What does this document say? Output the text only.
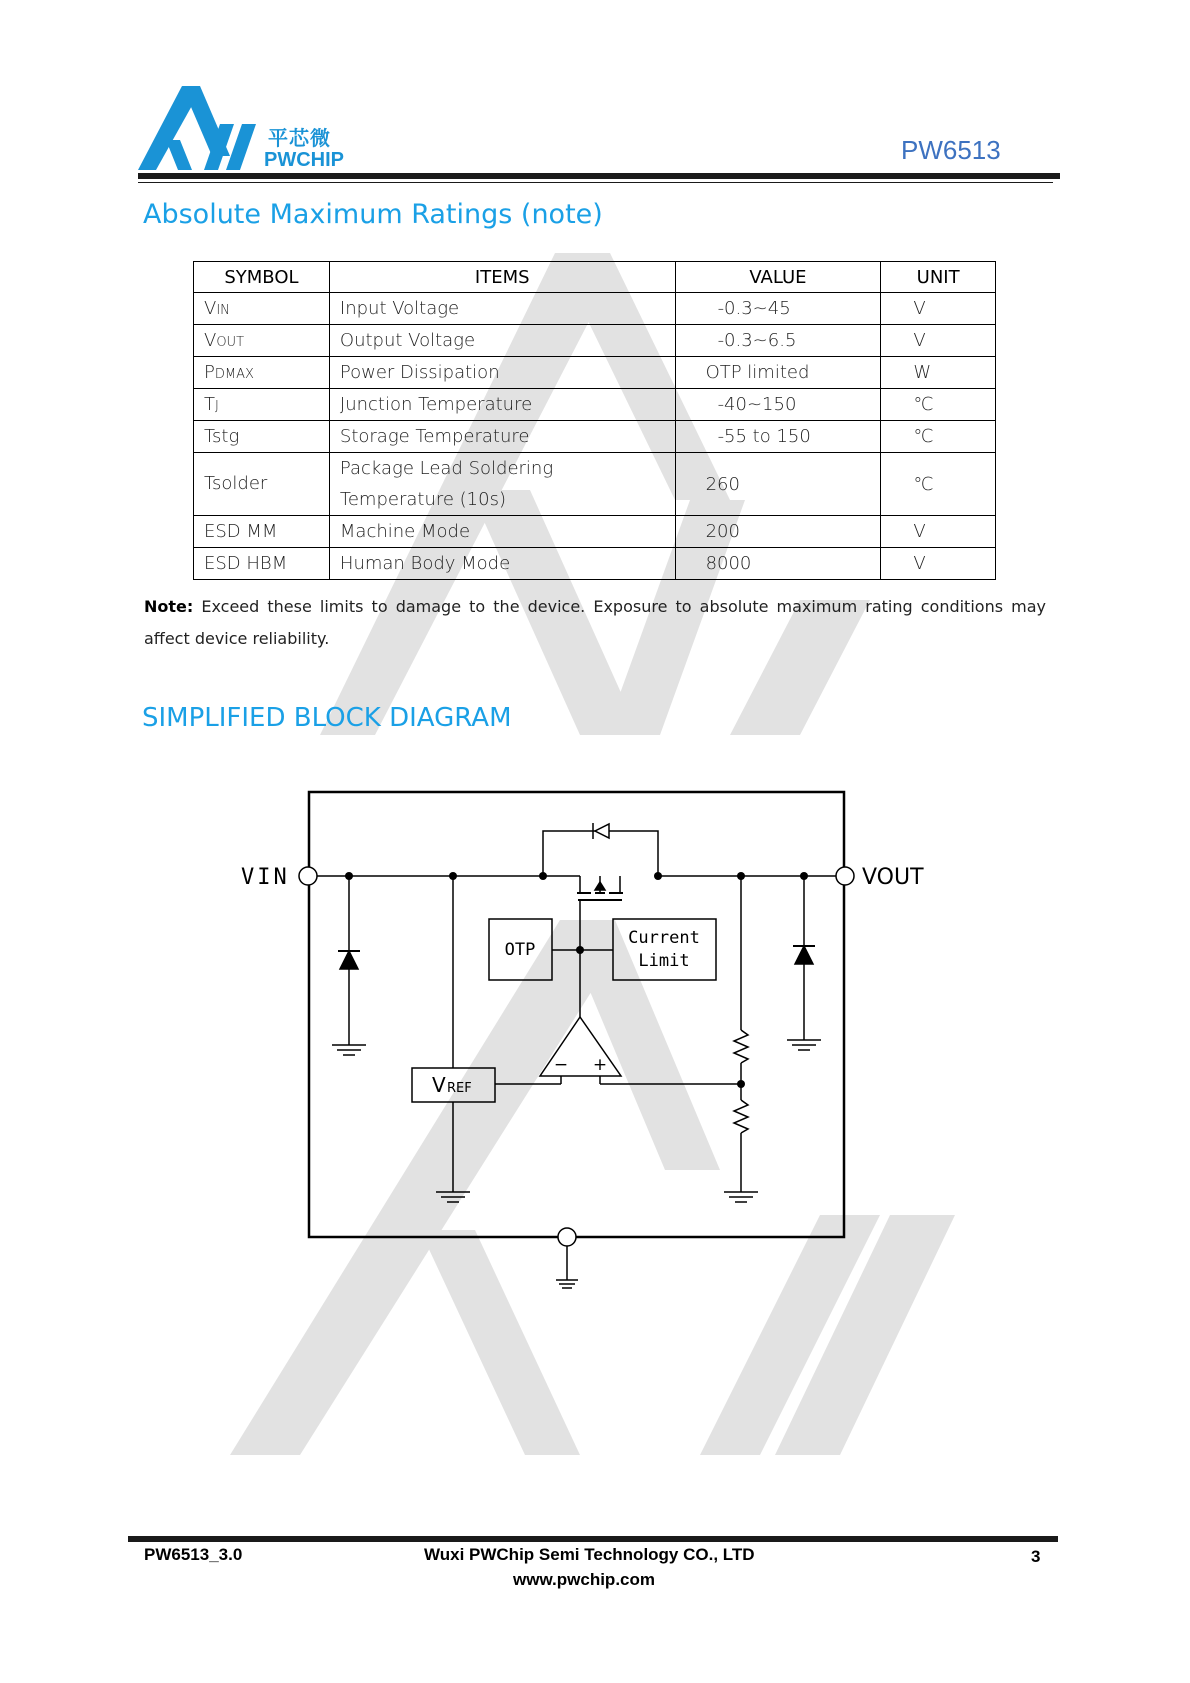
平芯微
PWCHIP	PW6513
Absolute Maximum Ratings (note)
SYMBOL	ITEMS	VALUE	UNIT
VIN	Input Voltage	-0.3~45	V
VOUT	Output Voltage	-0.3~6.5	V
PDMAX	Power Dissipation	OTP limited	W
TJ	Junction Temperature	-40~150	℃
Tstg	Storage Temperature	-55 to 150	℃
Tsolder	Package Lead Soldering Temperature (10s)	260	℃
ESD MM	Machine Mode	200	V
ESD HBM	Human Body Mode	8000	V
Note: Exceed these limits to damage to the device. Exposure to absolute maximum rating conditions may affect device reliability.
SIMPLIFIED BLOCK DIAGRAM
VIN	VOUT
OTP
Current
Limit
V REF
− +
PW6513_3.0	Wuxi PWChip Semi Technology CO., LTD
www.pwchip.com
3
